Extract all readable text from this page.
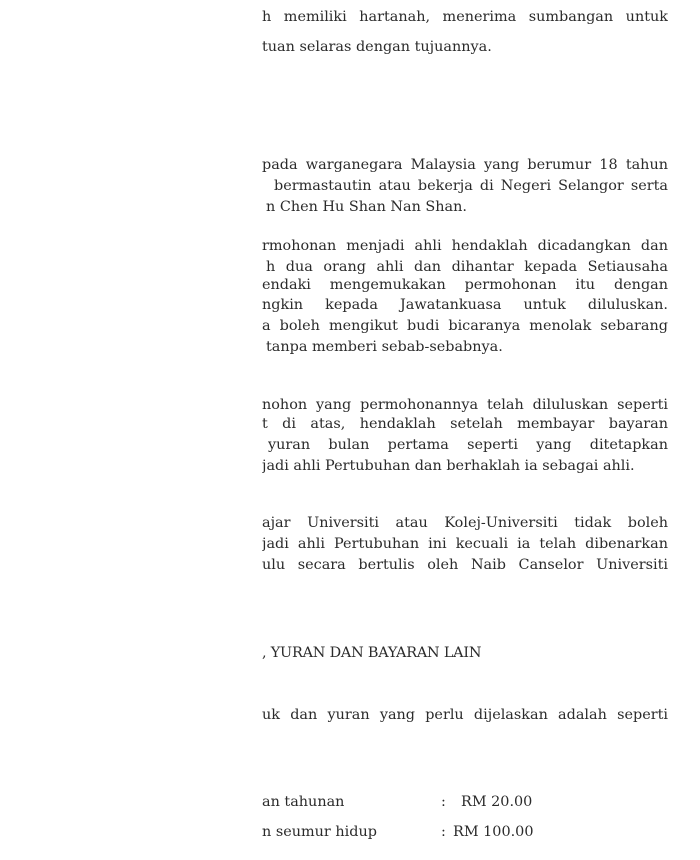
h memiliki hartanah, menerima sumbangan untuk
tuan selaras dengan tujuannya.
pada warganegara Malaysia yang berumur 18 tahun
bermastautin atau bekerja di Negeri Selangor serta
n Chen Hu Shan Nan Shan.
rmohonan menjadi ahli hendaklah dicadangkan dan
h dua orang ahli dan dihantar kepada Setiausaha
endaki mengemukakan permohonan itu dengan
ngkin kepada Jawatankuasa untuk diluluskan.
a boleh mengikut budi bicaranya menolak sebarang
tanpa memberi sebab-sebabnya.
nohon yang permohonannya telah diluluskan seperti
t di atas, hendaklah setelah membayar bayaran
yuran bulan pertama seperti yang ditetapkan
jadi ahli Pertubuhan dan berhaklah ia sebagai ahli.
ajar Universiti atau Kolej-Universiti tidak boleh
jadi ahli Pertubuhan ini kecuali ia telah dibenarkan
ulu secara bertulis oleh Naib Canselor Universiti
, YURAN DAN BAYARAN LAIN
uk dan yuran yang perlu dijelaskan adalah seperti
an tahunan	: RM 20.00
n seumur hidup	: RM 100.00
